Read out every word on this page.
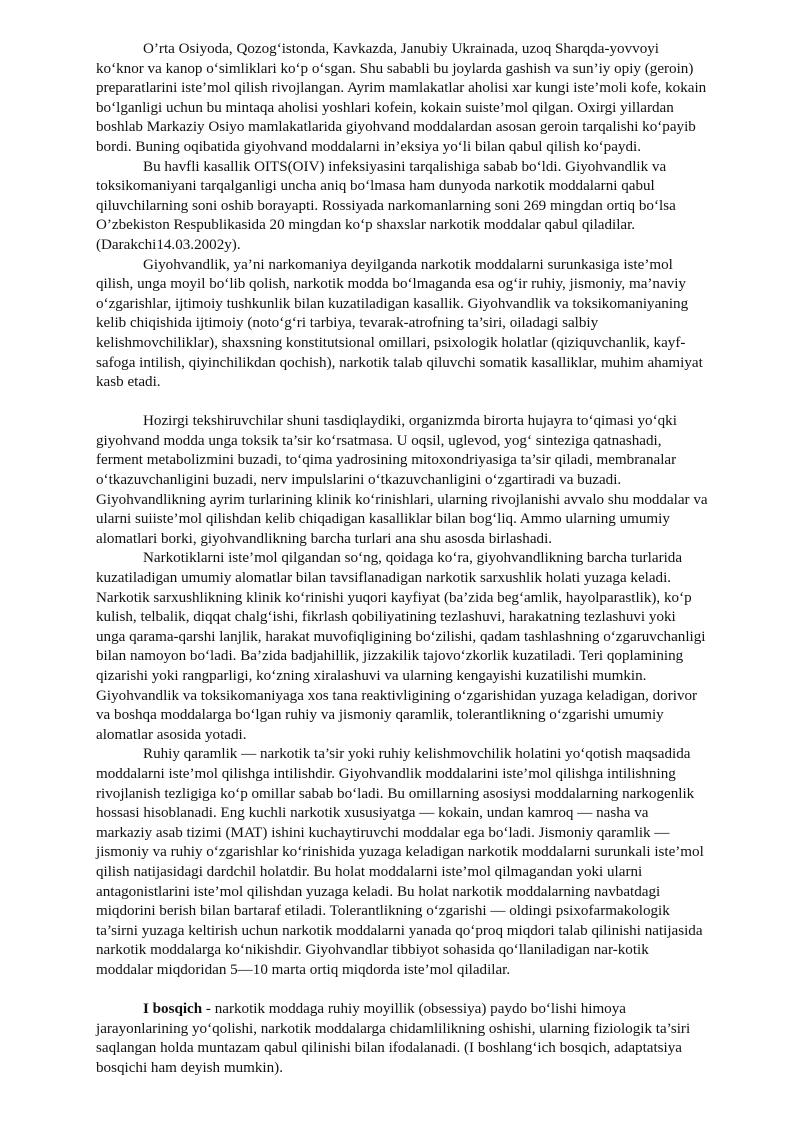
O’rta Osiyoda, Qozog‘istonda, Kavkazda, Janubiy Ukrainada, uzoq Sharqda-yovvoyi ko‘knor va kanop o‘simliklari ko‘p o‘sgan. Shu sababli bu joylarda gashish va sun’iy opiy (geroin) preparatlarini iste’mol qilish rivojlangan. Ayrim mamlakatlar aholisi xar kungi iste’moli kofe, kokain bo‘lganligi uchun bu mintaqa aholisi yoshlari kofein, kokain suiste’mol qilgan. Oxirgi yillardan boshlab Markaziy Osiyo mamlakatlarida giyohvand moddalardan asosan geroin tarqalishi ko‘payib bordi. Buning oqibatida giyohvand moddalarni in’eksiya yo‘li bilan qabul qilish ko‘paydi.

Bu havfli kasallik OITS(OIV) infeksiyasini tarqalishiga sabab bo‘ldi. Giyohvandlik va toksikomaniyani tarqalganligi uncha aniq bo‘lmasa ham dunyoda narkotik moddalarni qabul qiluvchilarning soni oshib borayapti. Rossiyada narkomanlarning soni 269 mingdan ortiq bo‘lsa O’zbekiston Respublikasida 20 mingdan ko‘p shaxslar narkotik moddalar qabul qiladilar. (Darakchi14.03.2002y).

Giyohvandlik, ya’ni narkomaniya deyilganda narkotik moddalarni surunkasiga iste’mol qilish, unga moyil bo‘lib qolish, narkotik modda bo‘lmaganda esa og‘ir ruhiy, jismoniy, ma’naviy o‘zgarishlar, ijtimoiy tushkunlik bilan kuzatiladigan kasallik. Giyohvandlik va toksikomaniyaning kelib chiqishida ijtimoiy (noto‘g‘ri tarbiya, tevarak-atrofning ta’siri, oiladagi salbiy kelishmovchiliklar), shaxsning konstitutsional omillari, psixologik holatlar (qiziquvchanlik, kayf-safoga intilish, qiyinchilikdan qochish), narkotik talab qiluvchi somatik kasalliklar, muhim ahamiyat kasb etadi.

Hozirgi tekshiruvchilar shuni tasdiqlaydiki, organizmda birorta hujayra to‘qimasi yo‘qki giyohvand modda unga toksik ta’sir ko‘rsatmasa. U oqsil, uglevod, yog‘ sinteziga qatnashadi, ferment metabolizmini buzadi, to‘qima yadrosining mitoxondriyasiga ta’sir qiladi, membranalar o‘tkazuvchanligini buzadi, nerv impulslarini o‘tkazuvchanligini o‘zgartiradi va buzadi. Giyohvandlikning ayrim turlarining klinik ko‘rinishlari, ularning rivojlanishi avvalo shu moddalar va ularni suiiste’mol qilishdan kelib chiqadigan kasalliklar bilan bog‘liq. Ammo ularning umumiy alomatlari borki, giyohvandlikning barcha turlari ana shu asosda birlashadi.

Narkotiklarni iste’mol qilgandan so‘ng, qoidaga ko‘ra, giyohvandlikning barcha turlarida kuzatiladigan umumiy alomatlar bilan tavsiflanadigan narkotik sarxushlik holati yuzaga keladi. Narkotik sarxushlikning klinik ko‘rinishi yuqori kayfiyat (ba’zida beg‘amlik, hayolparastlik), ko‘p kulish, telbalik, diqqat chalg‘ishi, fikrlash qobiliyatining tezlashuvi, harakatning tezlashuvi yoki unga qarama-qarshi lanjlik, harakat muvofiqligining bo‘zilishi, qadam tashlashning o‘zgaruvchanligi bilan namoyon bo‘ladi. Ba’zida badjahillik, jizzakilik tajovo‘zkorlik kuzatiladi. Terі qoplamining qizarishi yoki rangparligi, ko‘zning xiralashuvi va ularning kengayishi kuzatilishi mumkin. Giyohvandlik va toksikomaniyaga xos tana reaktivligining o‘zgarishidan yuzaga keladigan, dorivor va boshqa moddalarga bo‘lgan ruhiy va jismoniy qaramlik, tolerantlikning o‘zgarishi umumiy alomatlar asosida yotadi.

Ruhiy qaramlik — narkotik ta’sir yoki ruhiy kelishmovchilik holatini yo‘qotish maqsadida moddalarni iste’mol qilishga intilishdir. Giyohvandlik moddalarini iste’mol qilishga intilishning rivojlanish tezligiga ko‘p omillar sabab bo‘ladi. Bu omillarning asosiysi moddalarning narkogenlik hossasi hisoblanadi. Eng kuchli narkotik xususiyatga — kokain, undan kamroq — nasha va markaziy asab tizimi (MAT) ishini kuchaytiruvchi moddalar ega bo‘ladi. Jismoniy qaramlik — jismoniy va ruhiy o‘zgarishlar ko‘rinishida yuzaga keladigan narkotik moddalarni surunkali iste’mol qilish natijasidagi dardchil holatdir. Bu holat moddalarni iste’mol qilmagandan yoki ularni antagonistlarini iste’mol qilishdan yuzaga keladi. Bu holat narkotik moddalarning navbatdagi miqdorini berish bilan bartaraf etiladi. Tolerantlikning o‘zgarishi — oldingi psixofarmakologik ta’sirni yuzaga keltirish uchun narkotik moddalarni yanada qo‘proq miqdori talab qilinishi natijasida narkotik moddalarga ko‘nikishdir. Giyohvandlar tibbiyot sohasida qo‘llaniladigan nar-kotik moddalar miqdoridan 5—10 marta ortiq miqdorda iste’mol qiladilar.

I bosqich - narkotik moddaga ruhiy moyillik (obsessiya) paydo bo‘lishi himoya jarayonlarining yo‘qolishi, narkotik moddalarga chidamlilikning oshishi, ularning fiziologik ta’siri saqlangan holda muntazam qabul qilinishi bilan ifodalanadi. (I boshlang‘ich bosqich, adaptatsiya bosqichi ham deyish mumkin).
